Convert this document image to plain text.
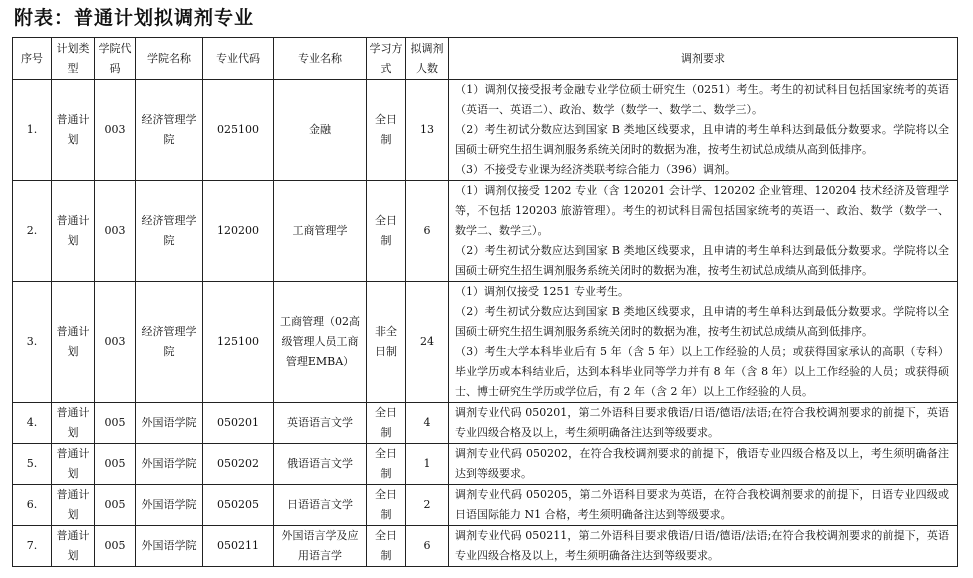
附表：普通计划拟调剂专业
序号	计划类型	学院代码	学院名称	专业代码	专业名称	学习方式	拟调剂人数	调剂要求
1.	普通计划	003	经济管理学院	025100	金融	全日制	13	（1）调剂仅接受报考金融专业学位硕士研究生（0251）考生。考生的初试科目包括国家统考的英语（英语一、英语二）、政治、数学（数学一、数学二、数学三）。
（2）考生初试分数应达到国家 B 类地区线要求，且申请的考生单科达到最低分数要求。学院将以全国硕士研究生招生调剂服务系统关闭时的数据为准，按考生初试总成绩从高到低排序。
（3）不接受专业课为经济类联考综合能力（396）调剂。

2.	普通计划	003	经济管理学院	120200	工商管理学	全日制	6	（1）调剂仅接受 1202 专业（含 120201 会计学、120202 企业管理、120204 技术经济及管理学等，不包括 120203 旅游管理）。考生的初试科目需包括国家统考的英语一、政治、数学（数学一、数学二、数学三）。
（2）考生初试分数应达到国家 B 类地区线要求，且申请的考生单科达到最低分数要求。学院将以全国硕士研究生招生调剂服务系统关闭时的数据为准，按考生初试总成绩从高到低排序。

3.	普通计划	003	经济管理学院	125100	工商管理（02高级管理人员工商管理EMBA）	非全日制	24	（1）调剂仅接受 1251 专业考生。
（2）考生初试分数应达到国家 B 类地区线要求，且申请的考生单科达到最低分数要求。学院将以全国硕士研究生招生调剂服务系统关闭时的数据为准，按考生初试总成绩从高到低排序。
（3）考生大学本科毕业后有 5 年（含 5 年）以上工作经验的人员；或获得国家承认的高职（专科）毕业学历或本科结业后，达到本科毕业同等学力并有 8 年（含 8 年）以上工作经验的人员；或获得硕士、博士研究生学历或学位后，有 2 年（含 2 年）以上工作经验的人员。

4.	普通计划	005	外国语学院	050201	英语语言文学	全日制	4	调剂专业代码 050201，第二外语科目要求俄语/日语/德语/法语;在符合我校调剂要求的前提下，英语专业四级合格及以上，考生须明确备注达到等级要求。

5.	普通计划	005	外国语学院	050202	俄语语言文学	全日制	1	调剂专业代码 050202，在符合我校调剂要求的前提下，俄语专业四级合格及以上，考生须明确备注达到等级要求。

6.	普通计划	005	外国语学院	050205	日语语言文学	全日制	2	调剂专业代码 050205，第二外语科目要求为英语，在符合我校调剂要求的前提下，日语专业四级或日语国际能力 N1 合格，考生须明确备注达到等级要求。

7.	普通计划	005	外国语学院	050211	外国语言学及应用语言学	全日制	6	调剂专业代码 050211，第二外语科目要求俄语/日语/德语/法语;在符合我校调剂要求的前提下，英语专业四级合格及以上，考生须明确备注达到等级要求。
